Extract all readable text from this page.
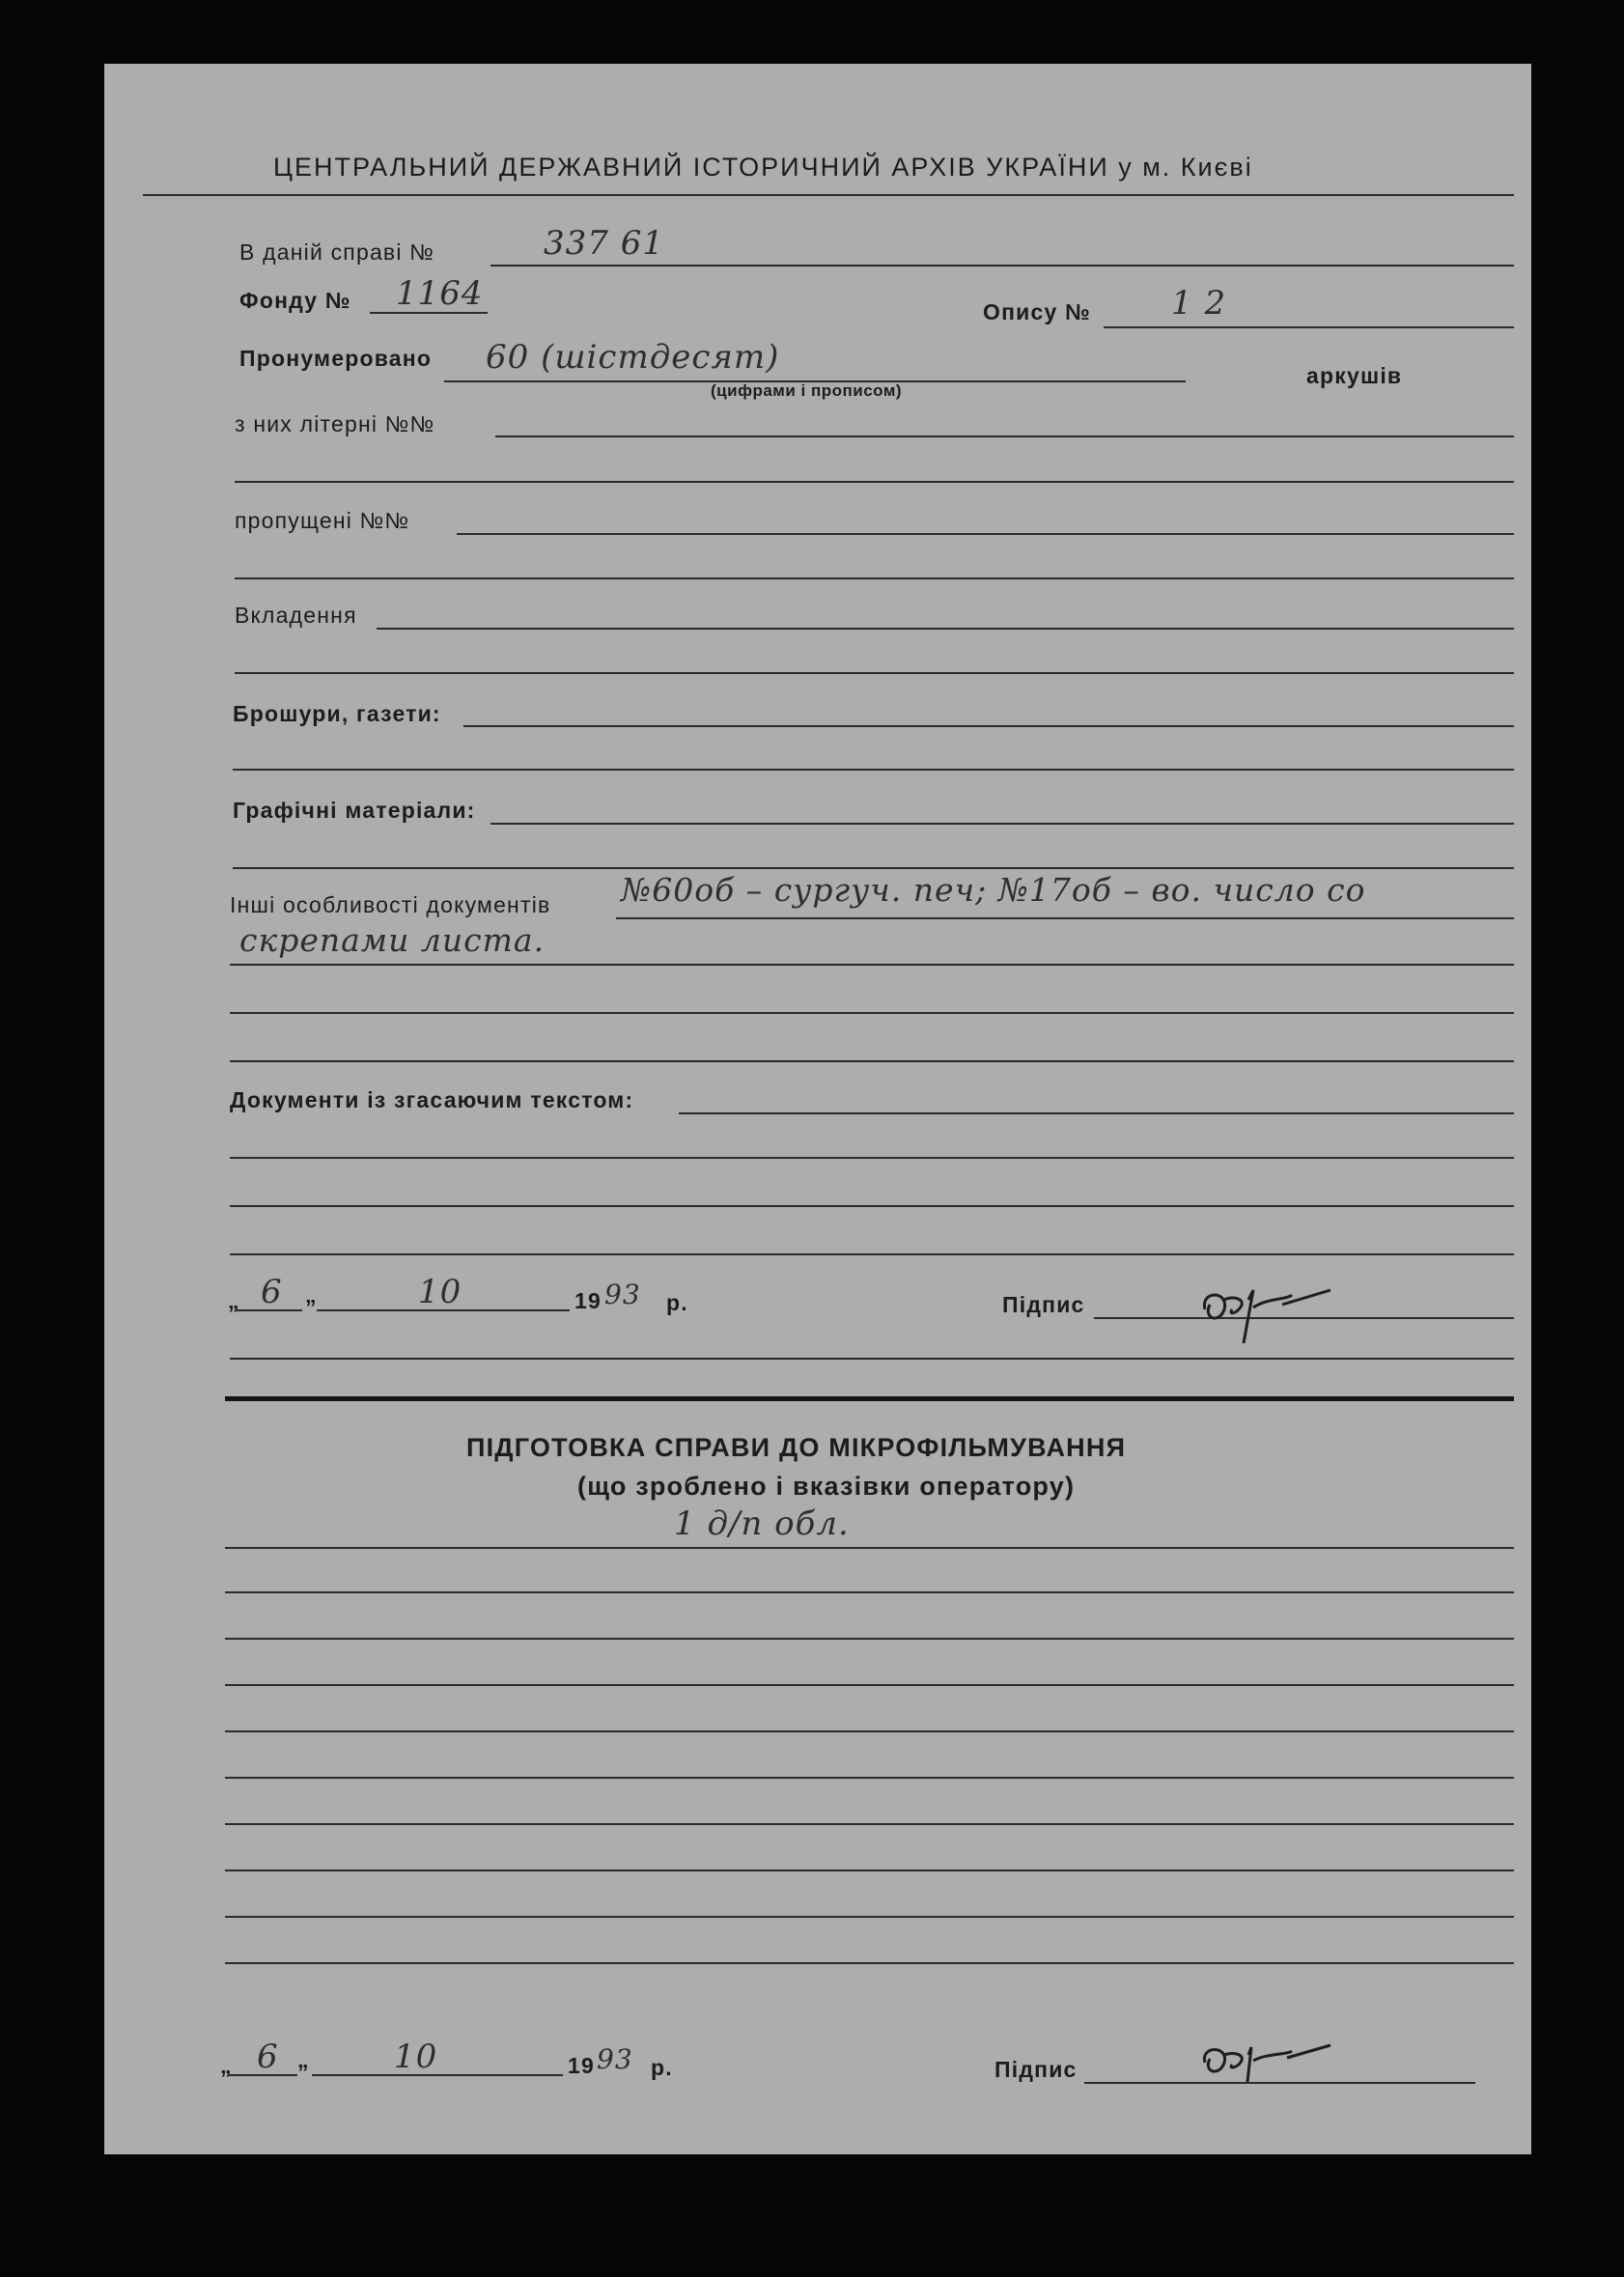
ЦЕНТРАЛЬНИЙ ДЕРЖАВНИЙ ІСТОРИЧНИЙ АРХІВ УКРАЇНИ у м. Києві
В даній справі №	337 61
Фонду № 1164	Опису № 1 2
Пронумеровано 60 (шістдесят)
(цифрами і прописом)
аркушів
з них літерні №№
пропущені №№
Вкладення
Брошури, газети:
Графічні матеріали:
Інші особливості документів №60об – сургуч. печ; №17об – во. число со
скрепами листа.
Документи із згасаючим текстом:
„ 6 „	10	19 93 р.	Підпис
ПІДГОТОВКА СПРАВИ ДО МІКРОФІЛЬМУВАННЯ
(що зроблено і вказівки оператору)
1 д/п обл.
„ 6 „	10	19 93 р.	Підпис
